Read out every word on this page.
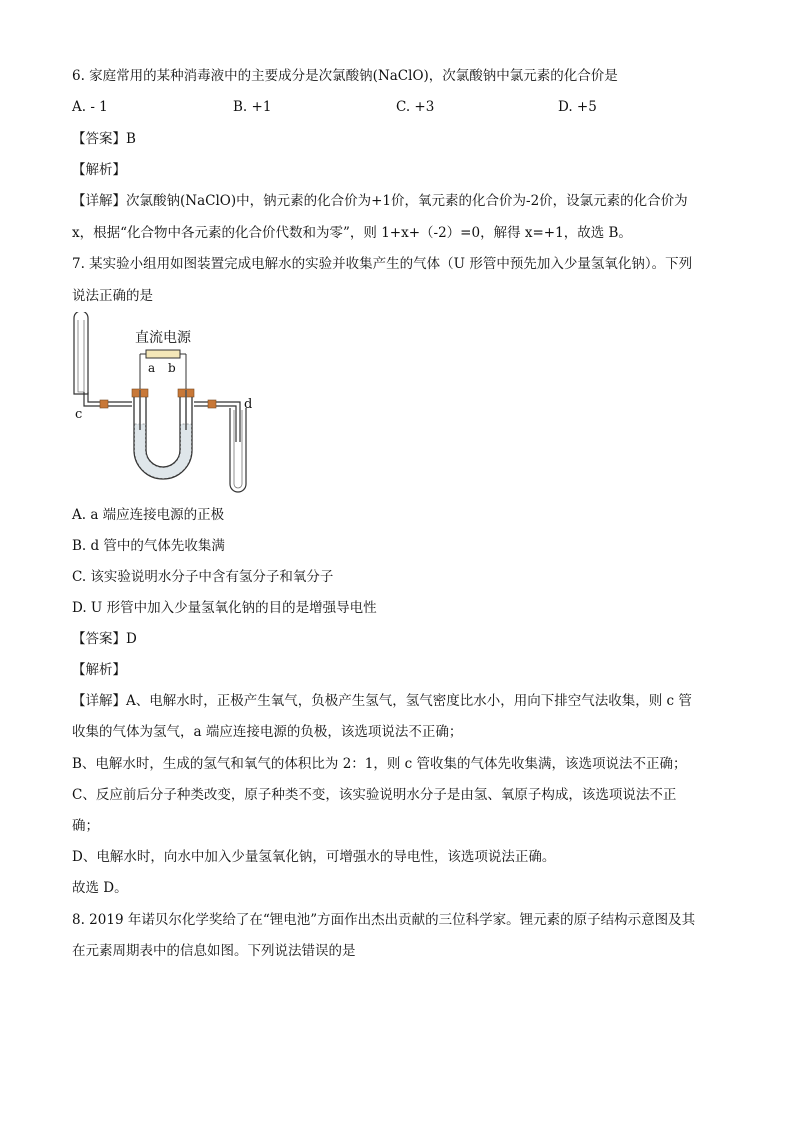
6. 家庭常用的某种消毒液中的主要成分是次氯酸钠(NaClO)，次氯酸钠中氯元素的化合价是
A. - 1	B. +1	C. +3	D. +5
【答案】B
【解析】
【详解】次氯酸钠(NaClO)中，钠元素的化合价为+1价，氧元素的化合价为-2价，设氯元素的化合价为
x，根据“化合物中各元素的化合价代数和为零”，则 1+x+（-2）=0，解得 x=+1，故选 B。
7. 某实验小组用如图装置完成电解水的实验并收集产生的气体（U 形管中预先加入少量氢氧化钠）。下列
说法正确的是
直流电源
a b
c
d
A. a 端应连接电源的正极
B. d 管中的气体先收集满
C. 该实验说明水分子中含有氢分子和氧分子
D. U 形管中加入少量氢氧化钠的目的是增强导电性
【答案】D
【解析】
【详解】A、电解水时，正极产生氧气，负极产生氢气，氢气密度比水小，用向下排空气法收集，则 c 管
收集的气体为氢气，a 端应连接电源的负极，该选项说法不正确；
B、电解水时，生成的氢气和氧气的体积比为 2：1，则 c 管收集的气体先收集满，该选项说法不正确；
C、反应前后分子种类改变，原子种类不变，该实验说明水分子是由氢、氧原子构成，该选项说法不正
确；
D、电解水时，向水中加入少量氢氧化钠，可增强水的导电性，该选项说法正确。
故选 D。
8. 2019 年诺贝尔化学奖给了在“锂电池”方面作出杰出贡献的三位科学家。锂元素的原子结构示意图及其
在元素周期表中的信息如图。下列说法错误的是
